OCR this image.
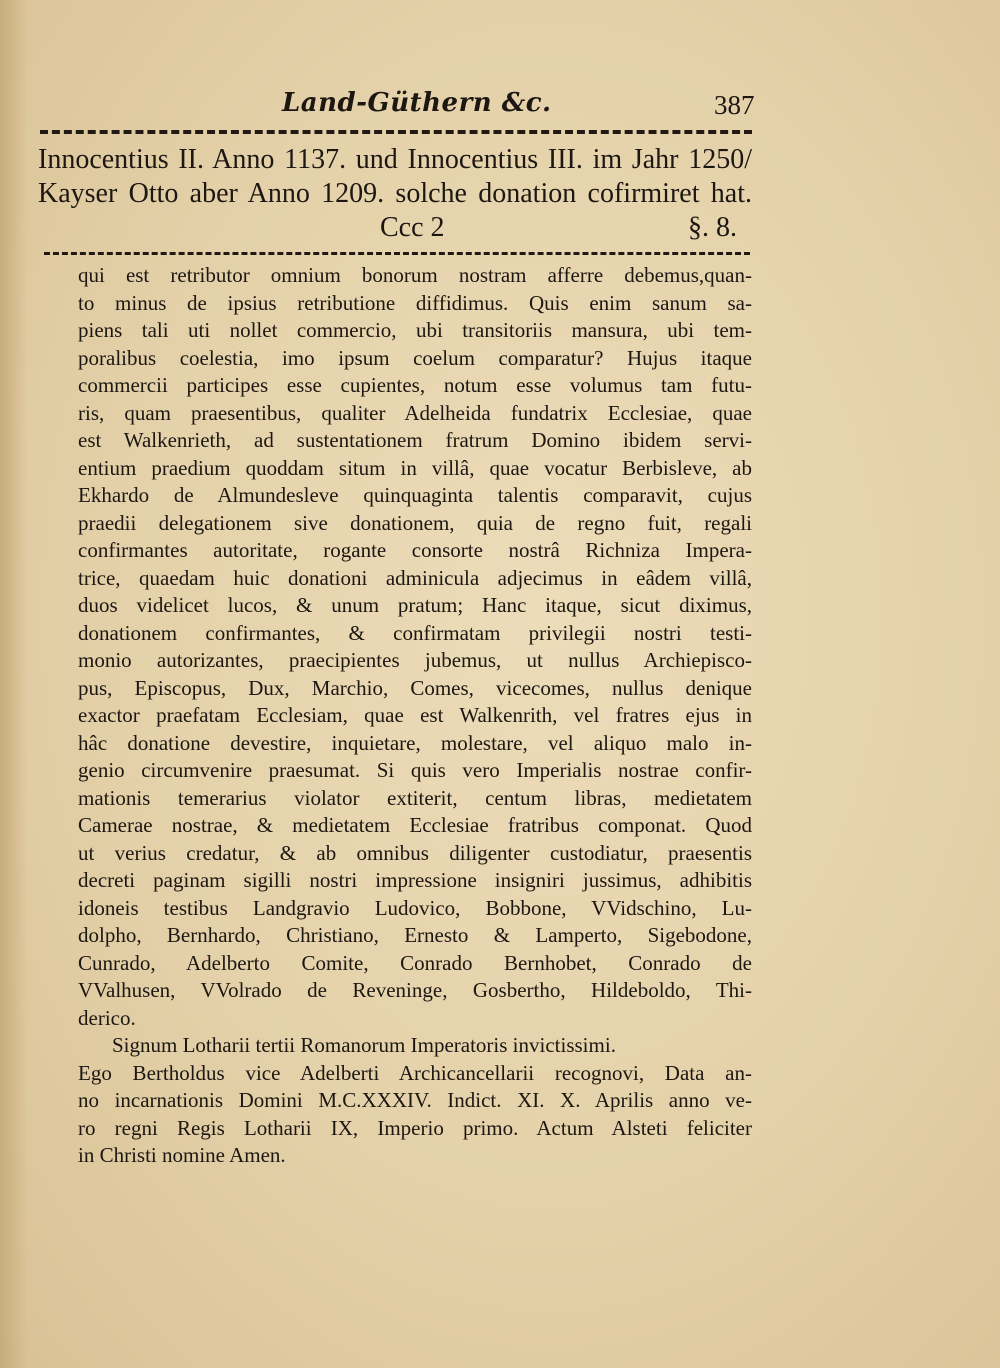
Land-Güthern &c.	387
Innocentius II. Anno 1137. und Innocentius III. im Jahr 1250/
Kayser Otto aber Anno 1209. solche donation cofirmiret hat.
Ccc 2	§. 8.
qui est retributor omnium bonorum nostram afferre debemus,quan-
to minus de ipsius retributione diffidimus. Quis enim sanum sa-
piens tali uti nollet commercio, ubi transitoriis mansura, ubi tem-
poralibus coelestia, imo ipsum coelum comparatur? Hujus itaque
commercii participes esse cupientes, notum esse volumus tam futu-
ris, quam praesentibus, qualiter Adelheida fundatrix Ecclesiae, quae
est Walkenrieth, ad sustentationem fratrum Domino ibidem servi-
entium praedium quoddam situm in villâ, quae vocatur Berbisleve, ab
Ekhardo de Almundesleve quinquaginta talentis comparavit, cujus
praedii delegationem sive donationem, quia de regno fuit, regali
confirmantes autoritate, rogante consorte nostrâ Richniza Impera-
trice, quaedam huic donationi adminicula adjecimus in eâdem villâ,
duos videlicet lucos, & unum pratum; Hanc itaque, sicut diximus,
donationem confirmantes, & confirmatam privilegii nostri testi-
monio autorizantes, praecipientes jubemus, ut nullus Archiepisco-
pus, Episcopus, Dux, Marchio, Comes, vicecomes, nullus denique
exactor praefatam Ecclesiam, quae est Walkenrith, vel fratres ejus in
hâc donatione devestire, inquietare, molestare, vel aliquo malo in-
genio circumvenire praesumat. Si quis vero Imperialis nostrae confir-
mationis temerarius violator extiterit, centum libras, medietatem
Camerae nostrae, & medietatem Ecclesiae fratribus componat. Quod
ut verius credatur, & ab omnibus diligenter custodiatur, praesentis
decreti paginam sigilli nostri impressione insigniri jussimus, adhibitis
idoneis testibus Landgravio Ludovico, Bobbone, VVidschino, Lu-
dolpho, Bernhardo, Christiano, Ernesto & Lamperto, Sigebodone,
Cunrado, Adelberto Comite, Conrado Bernhobet, Conrado de
VValhusen, VVolrado de Reveninge, Gosbertho, Hildeboldo, Thi-
derico.
Signum Lotharii tertii Romanorum Imperatoris invictissimi.
Ego Bertholdus vice Adelberti Archicancellarii recognovi, Data an-
no incarnationis Domini M.C.XXXIV. Indict. XI. X. Aprilis anno ve-
ro regni Regis Lotharii IX, Imperio primo. Actum Alsteti feliciter
in Christi nomine Amen.
